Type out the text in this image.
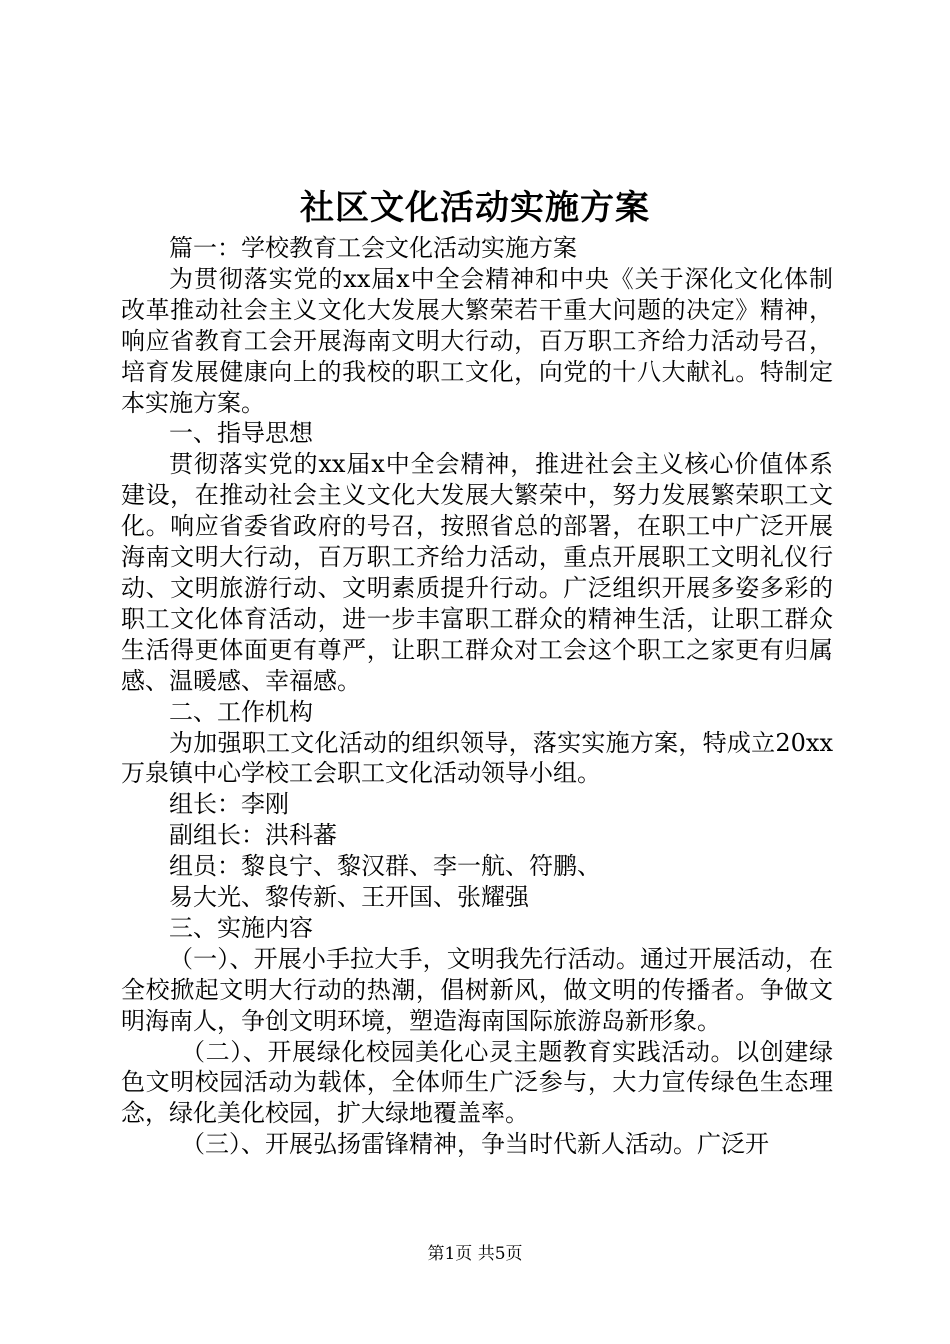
社区文化活动实施方案

篇一：学校教育工会文化活动实施方案

为贯彻落实党的xx届x中全会精神和中央《关于深化文化体制改革推动社会主义文化大发展大繁荣若干重大问题的决定》精神，响应省教育工会开展海南文明大行动，百万职工齐给力活动号召，培育发展健康向上的我校的职工文化，向党的十八大献礼。特制定本实施方案。

一、指导思想

贯彻落实党的xx届x中全会精神，推进社会主义核心价值体系建设，在推动社会主义文化大发展大繁荣中，努力发展繁荣职工文化。响应省委省政府的号召，按照省总的部署，在职工中广泛开展海南文明大行动，百万职工齐给力活动，重点开展职工文明礼仪行动、文明旅游行动、文明素质提升行动。广泛组织开展多姿多彩的职工文化体育活动，进一步丰富职工群众的精神生活，让职工群众生活得更体面更有尊严，让职工群众对工会这个职工之家更有归属感、温暖感、幸福感。

二、工作机构

为加强职工文化活动的组织领导，落实实施方案，特成立20xx万泉镇中心学校工会职工文化活动领导小组。

组长：李刚

副组长：洪科蕃

组员：黎良宁、黎汉群、李一航、符鹏、

易大光、黎传新、王开国、张耀强

三、实施内容

（一）、开展小手拉大手，文明我先行活动。通过开展活动，在全校掀起文明大行动的热潮，倡树新风，做文明的传播者。争做文明海南人，争创文明环境，塑造海南国际旅游岛新形象。

（二）、开展绿化校园美化心灵主题教育实践活动。以创建绿色文明校园活动为载体，全体师生广泛参与，大力宣传绿色生态理念，绿化美化校园，扩大绿地覆盖率。

（三）、开展弘扬雷锋精神，争当时代新人活动。广泛开

第1页 共5页
